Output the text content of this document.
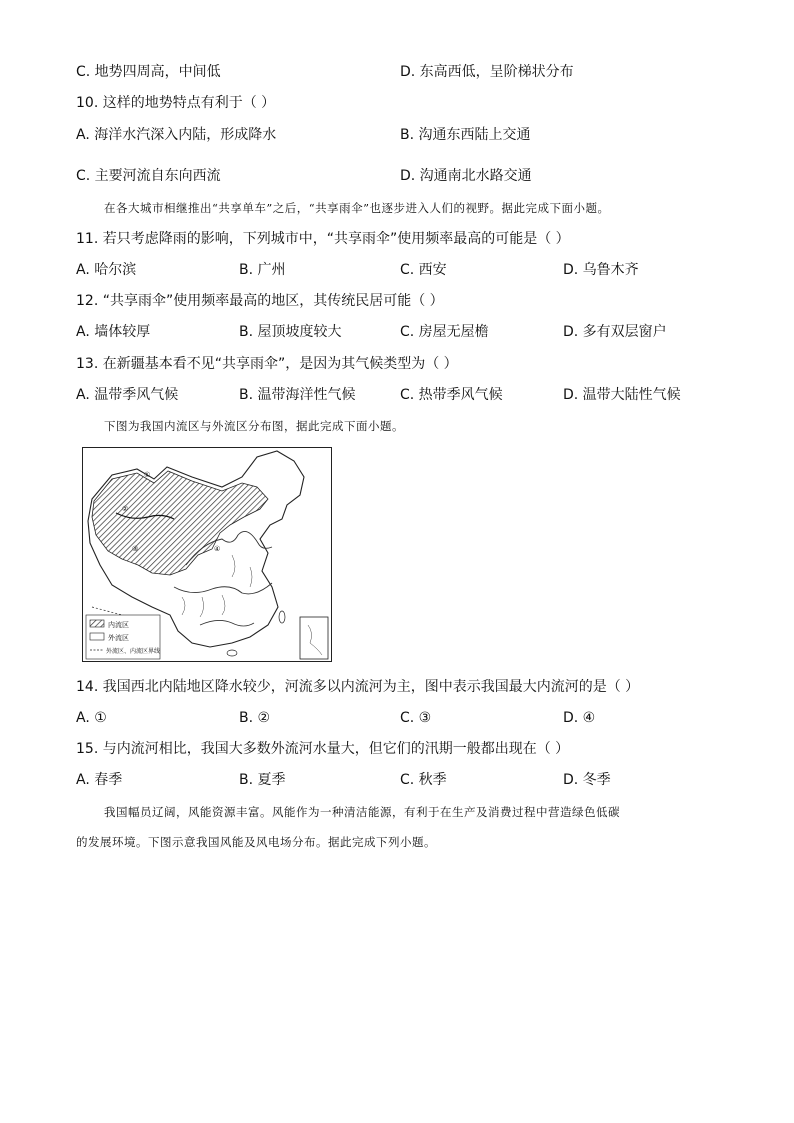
C. 地势四周高，中间低	D. 东高西低，呈阶梯状分布
10. 这样的地势特点有利于（ ）
A. 海洋水汽深入内陆，形成降水	B. 沟通东西陆上交通
C. 主要河流自东向西流	D. 沟通南北水路交通
在各大城市相继推出“共享单车”之后，“共享雨伞”也逐步进入人们的视野。据此完成下面小题。
11. 若只考虑降雨的影响，下列城市中，“共享雨伞”使用频率最高的可能是（ ）
A. 哈尔滨	B. 广州	C. 西安	D. 乌鲁木齐
12. “共享雨伞”使用频率最高的地区，其传统民居可能（ ）
A. 墙体较厚	B. 屋顶坡度较大	C. 房屋无屋檐	D. 多有双层窗户
13. 在新疆基本看不见“共享雨伞”，是因为其气候类型为（ ）
A. 温带季风气候	B. 温带海洋性气候	C. 热带季风气候	D. 温带大陆性气候
下图为我国内流区与外流区分布图，据此完成下面小题。
①
②
③	④
内流区
外流区
外流区、内流区界线
14. 我国西北内陆地区降水较少，河流多以内流河为主，图中表示我国最大内流河的是（ ）
A. ①	B. ②	C. ③	D. ④
15. 与内流河相比，我国大多数外流河水量大，但它们的汛期一般都出现在（ ）
A. 春季	B. 夏季	C. 秋季	D. 冬季
我国幅员辽阔，风能资源丰富。风能作为一种清洁能源，有利于在生产及消费过程中营造绿色低碳
的发展环境。下图示意我国风能及风电场分布。据此完成下列小题。
